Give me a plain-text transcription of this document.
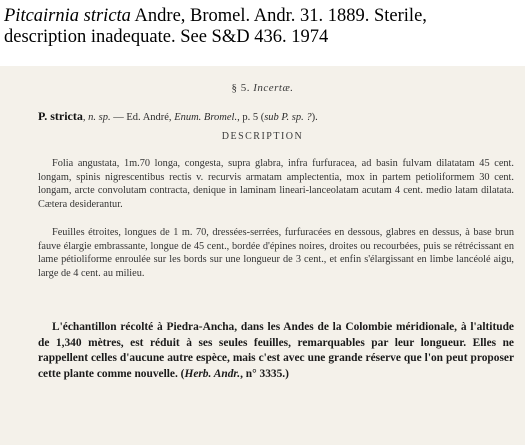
Pitcairnia stricta Andre, Bromel. Andr. 31. 1889. Sterile,
description inadequate. See S&D 436. 1974
§ 5. Incertæ.
P. stricta, n. sp. — Ed. André, Enum. Bromel., p. 5 (sub P. sp. ?).
DESCRIPTION
Folia angustata, 1m.70 longa, congesta, supra glabra, infra furfuracea, ad basin fulvam dilatatam 45 cent. longam, spinis nigrescentibus rectis v. recurvis armatam amplectentia, mox in partem petioliformem 30 cent. longam, arcte convolutam contracta, denique in laminam lineari-lanceolatam acutam 4 cent. medio latam dilatata. Cætera desiderantur.
Feuilles étroites, longues de 1 m. 70, dressées-serrées, furfuracées en dessous, glabres en dessus, à base brun fauve élargie embrassante, longue de 45 cent., bordée d'épines noires, droites ou recourbées, puis se rétrécissant en lame pétioliforme enroulée sur les bords sur une longueur de 3 cent., et enfin s'élargissant en limbe lancéolé aigu, large de 4 cent. au milieu.
L'échantillon récolté à Piedra-Ancha, dans les Andes de la Colombie méridionale, à l'altitude de 1,340 mètres, est réduit à ses seules feuilles, remarquables par leur longueur. Elles ne rappellent celles d'aucune autre espèce, mais c'est avec une grande réserve que l'on peut proposer cette plante comme nouvelle. (Herb. Andr., n° 3335.)
